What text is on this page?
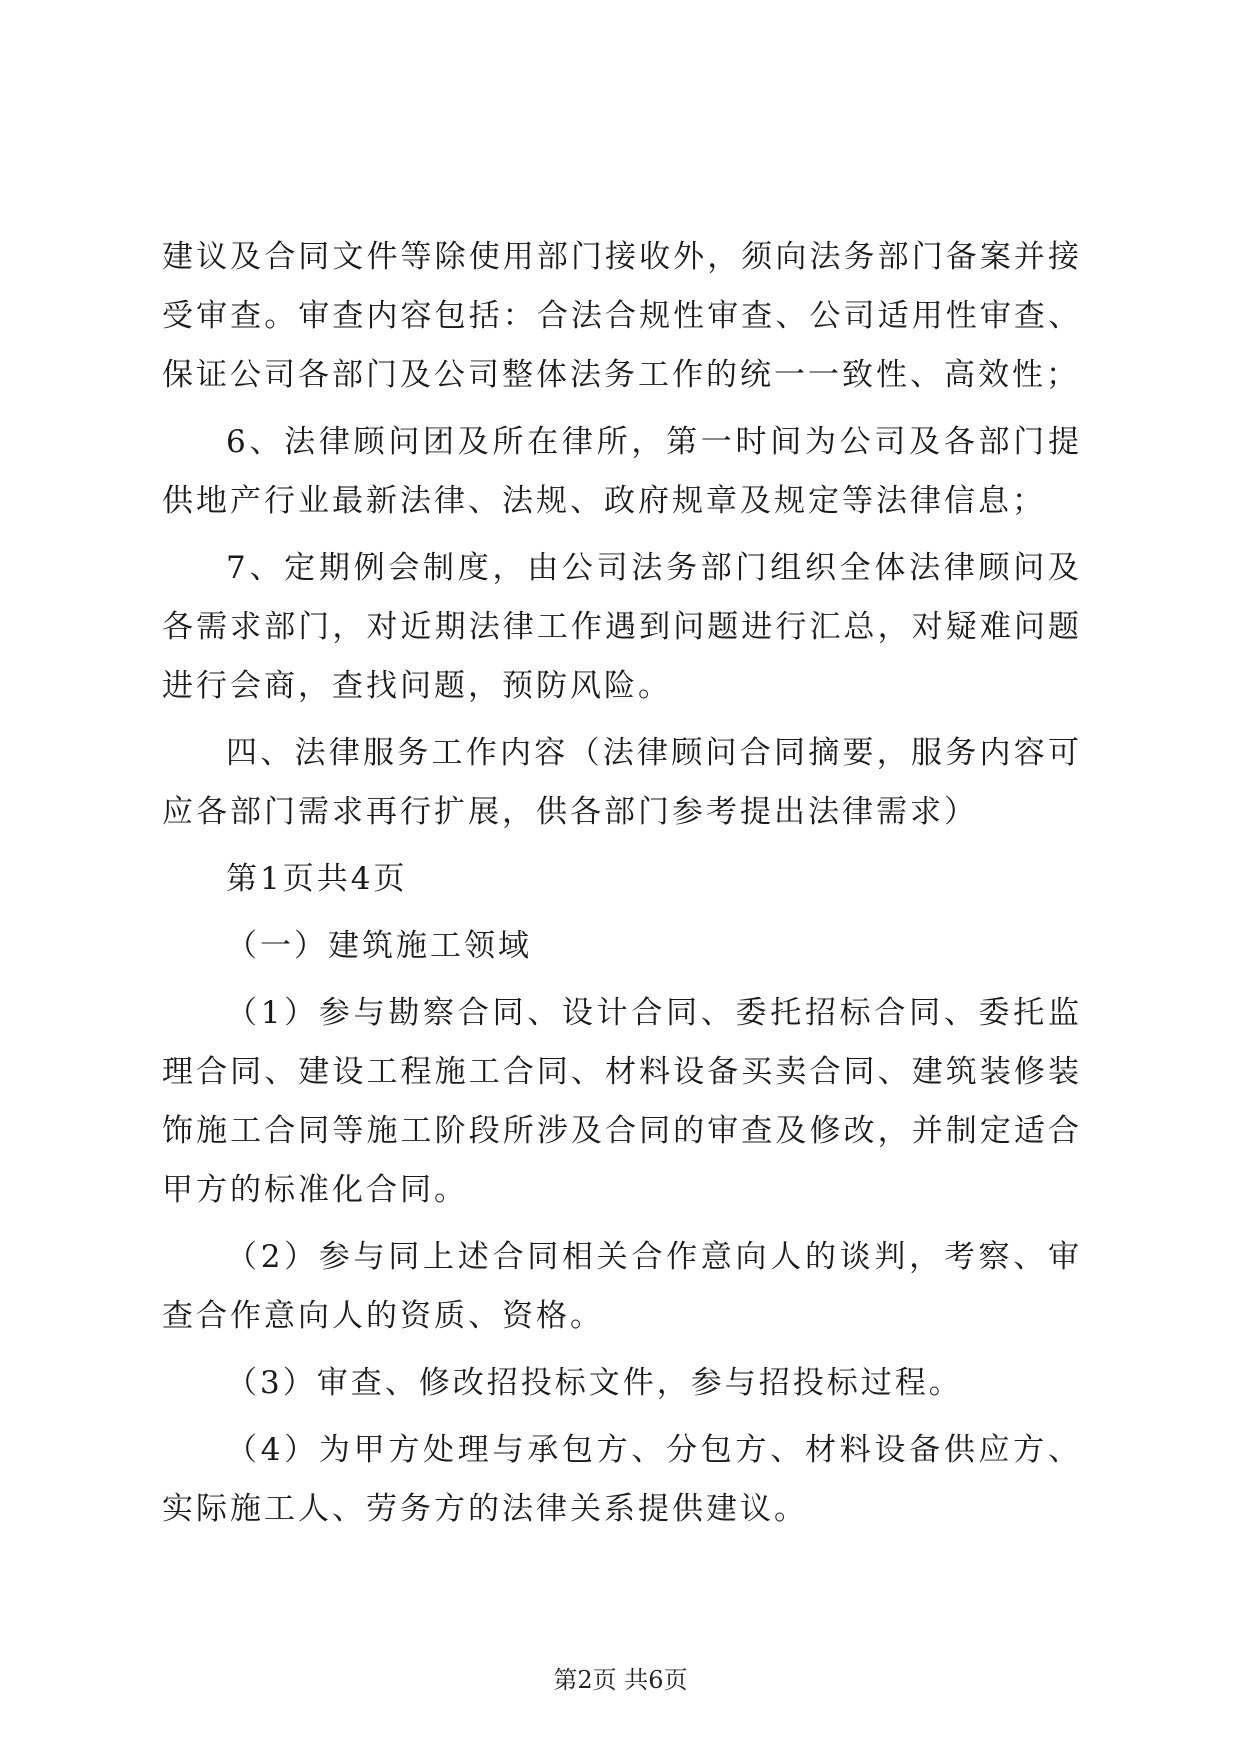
建议及合同文件等除使用部门接收外，须向法务部门备案并接受审查。审查内容包括：合法合规性审查、公司适用性审查、保证公司各部门及公司整体法务工作的统一一致性、高效性；

6、法律顾问团及所在律所，第一时间为公司及各部门提供地产行业最新法律、法规、政府规章及规定等法律信息；

7、定期例会制度，由公司法务部门组织全体法律顾问及各需求部门，对近期法律工作遇到问题进行汇总，对疑难问题进行会商，查找问题，预防风险。

四、法律服务工作内容（法律顾问合同摘要，服务内容可应各部门需求再行扩展，供各部门参考提出法律需求）

第1页共4页

（一）建筑施工领域

（1）参与勘察合同、设计合同、委托招标合同、委托监理合同、建设工程施工合同、材料设备买卖合同、建筑装修装饰施工合同等施工阶段所涉及合同的审查及修改，并制定适合甲方的标准化合同。

（2）参与同上述合同相关合作意向人的谈判，考察、审查合作意向人的资质、资格。

（3）审查、修改招投标文件，参与招投标过程。

（4）为甲方处理与承包方、分包方、材料设备供应方、实际施工人、劳务方的法律关系提供建议。

第2页 共6页
